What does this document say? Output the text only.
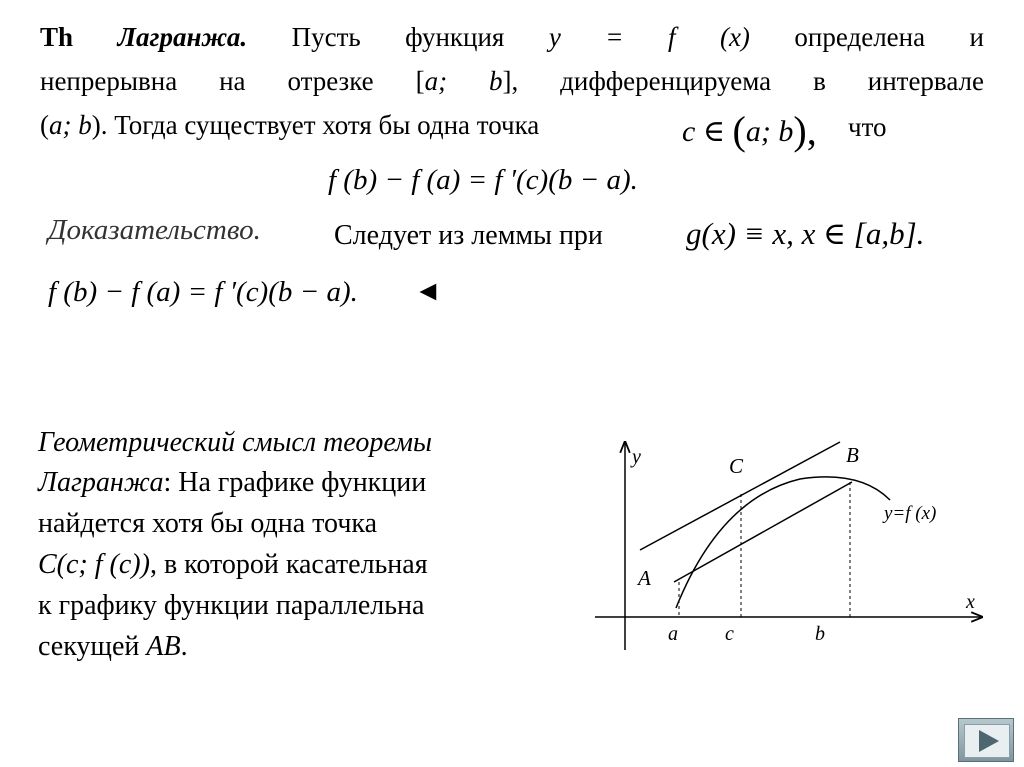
Th Лагранжа. Пусть функция y = f (x) определена и
непрерывна на отрезке [a; b], дифференцируема в интервале
(a; b). Тогда существует хотя бы одна точка	c ∈ (a; b), что
f (b) − f (a) = f ′(c)(b − a).
Доказательство.	Следует из леммы при	g(x) ≡ x, x ∈ [a,b].
f (b) − f (a) = f ′(c)(b − a). ◄
Геометрический смысл теоремы
Лагранжа: На графике функции
найдется хотя бы одна точка
C(c; f (c)), в которой касательная
к графику функции параллельна
секущей AB.
y
x
A
B
C
a c	b
y=f (x)
